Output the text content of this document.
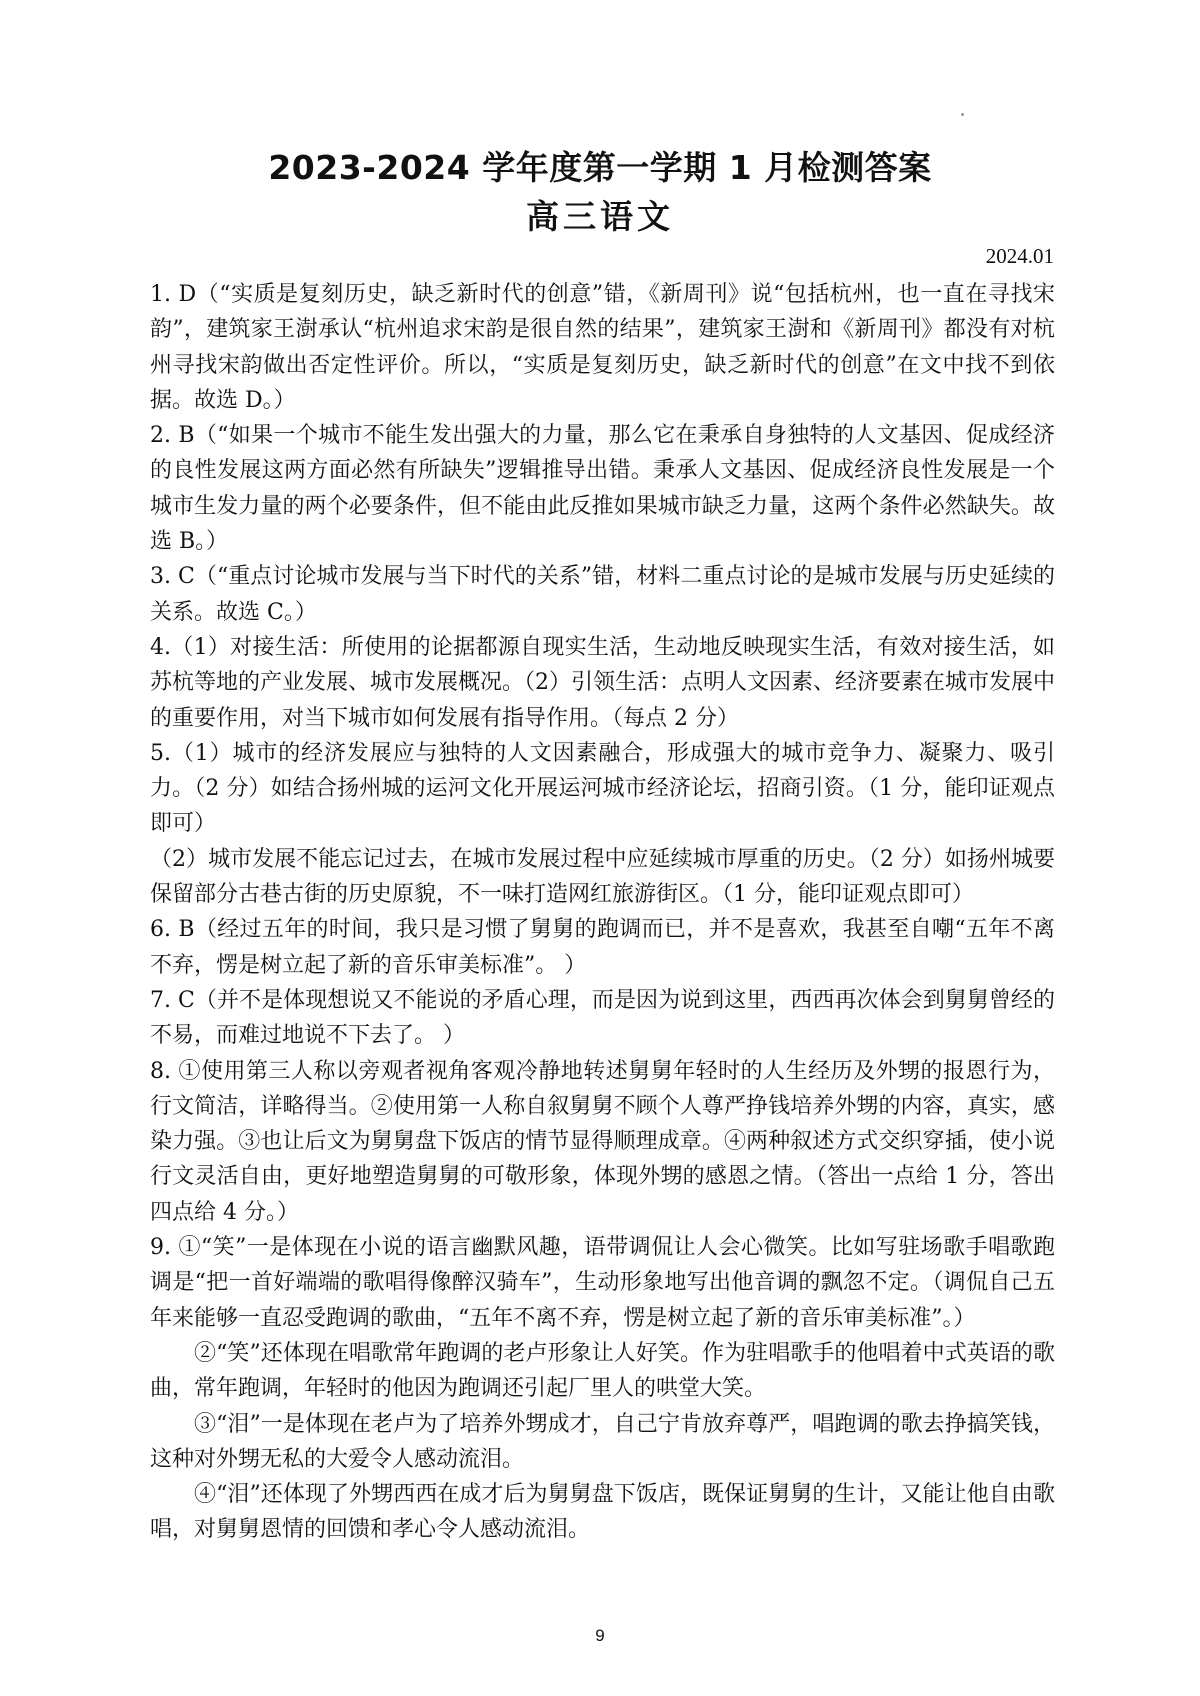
2023-2024 学年度第一学期 1 月检测答案
高三语文
2024.01

1. D（“实质是复刻历史，缺乏新时代的创意”错，《新周刊》说“包括杭州，也一直在寻找宋韵”，建筑家王澍承认“杭州追求宋韵是很自然的结果”，建筑家王澍和《新周刊》都没有对杭州寻找宋韵做出否定性评价。所以，“实质是复刻历史，缺乏新时代的创意”在文中找不到依据。故选 D。）

2. B（“如果一个城市不能生发出强大的力量，那么它在秉承自身独特的人文基因、促成经济的良性发展这两方面必然有所缺失”逻辑推导出错。秉承人文基因、促成经济良性发展是一个城市生发力量的两个必要条件，但不能由此反推如果城市缺乏力量，这两个条件必然缺失。故选 B。）

3. C（“重点讨论城市发展与当下时代的关系”错，材料二重点讨论的是城市发展与历史延续的关系。故选 C。）

4.（1）对接生活：所使用的论据都源自现实生活，生动地反映现实生活，有效对接生活，如苏杭等地的产业发展、城市发展概况。（2）引领生活：点明人文因素、经济要素在城市发展中的重要作用，对当下城市如何发展有指导作用。（每点 2 分）

5.（1）城市的经济发展应与独特的人文因素融合，形成强大的城市竞争力、凝聚力、吸引力。（2 分）如结合扬州城的运河文化开展运河城市经济论坛，招商引资。（1 分，能印证观点即可）

（2）城市发展不能忘记过去，在城市发展过程中应延续城市厚重的历史。（2 分）如扬州城要保留部分古巷古街的历史原貌，不一味打造网红旅游街区。（1 分，能印证观点即可）

6. B（经过五年的时间，我只是习惯了舅舅的跑调而已，并不是喜欢，我甚至自嘲“五年不离不弃，愣是树立起了新的音乐审美标准”。 ）

7. C（并不是体现想说又不能说的矛盾心理，而是因为说到这里，西西再次体会到舅舅曾经的不易，而难过地说不下去了。 ）

8. ①使用第三人称以旁观者视角客观冷静地转述舅舅年轻时的人生经历及外甥的报恩行为，行文简洁，详略得当。②使用第一人称自叙舅舅不顾个人尊严挣钱培养外甥的内容，真实，感染力强。③也让后文为舅舅盘下饭店的情节显得顺理成章。④两种叙述方式交织穿插，使小说行文灵活自由，更好地塑造舅舅的可敬形象，体现外甥的感恩之情。（答出一点给 1 分，答出四点给 4 分。）

9. ①“笑”一是体现在小说的语言幽默风趣，语带调侃让人会心微笑。比如写驻场歌手唱歌跑调是“把一首好端端的歌唱得像醉汉骑车”，生动形象地写出他音调的飘忽不定。（调侃自己五年来能够一直忍受跑调的歌曲，“五年不离不弃，愣是树立起了新的音乐审美标准”。）

②“笑”还体现在唱歌常年跑调的老卢形象让人好笑。作为驻唱歌手的他唱着中式英语的歌曲，常年跑调，年轻时的他因为跑调还引起厂里人的哄堂大笑。

③“泪”一是体现在老卢为了培养外甥成才，自己宁肯放弃尊严，唱跑调的歌去挣搞笑钱，这种对外甥无私的大爱令人感动流泪。

④“泪”还体现了外甥西西在成才后为舅舅盘下饭店，既保证舅舅的生计，又能让他自由歌唱，对舅舅恩情的回馈和孝心令人感动流泪。

9
